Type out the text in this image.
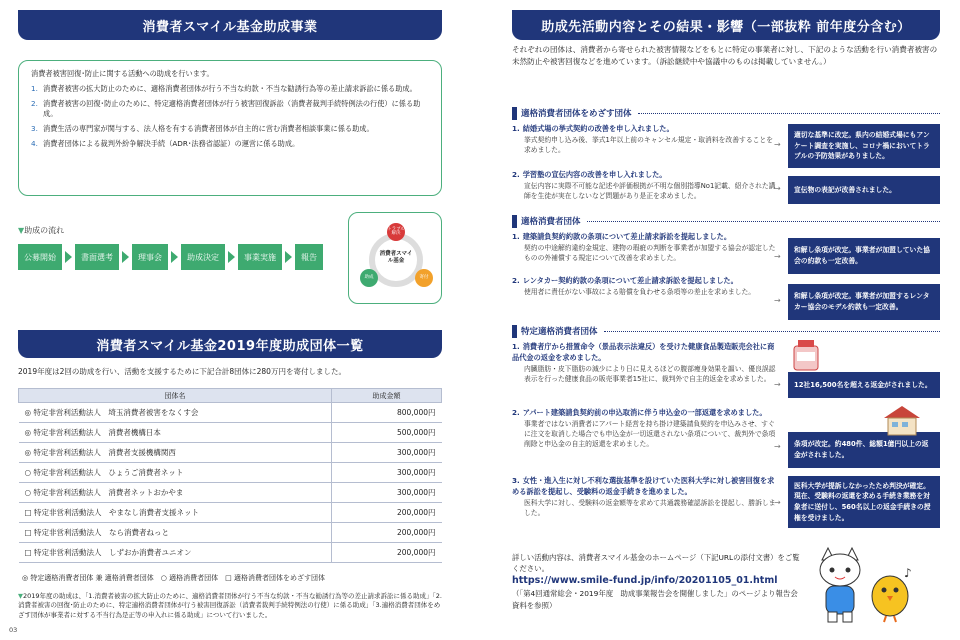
消費者スマイル基金助成事業

消費者被害回復･防止に関する活動への助成を行います。

1. 消費者被害の拡大防止のために、適格消費者団体が行う不当な約款・不当な勧誘行為等の差止請求訴訟に係る助成。
2. 消費者被害の回復･防止のために、特定適格消費者団体が行う被害回復訴訟（消費者裁判手続特例法の行使）に係る助成。
3. 消費生活の専門家が関与する、法人格を有する消費者団体が自主的に営む消費者相談事業に係る助成。
4. 消費者団体による裁判外紛争解決手続（ADR･法務省認証）の運営に係る助成。
▼助成の流れ
公募開始	書面選考	理事会	助成決定	事業実施	報告
トラブル解決
助成	寄付
消費者スマイル基金
消費者スマイル基金2019年度助成団体一覧
2019年度は2回の助成を行い、活動を支援するために下記合計8団体に280万円を寄付しました。
団体名	助成金額
◎ 特定非営利活動法人　埼玉消費者被害をなくす会	800,000円
◎ 特定非営利活動法人　消費者機構日本	500,000円
◎ 特定非営利活動法人　消費者支援機構関西	300,000円
○ 特定非営利活動法人　ひょうご消費者ネット	300,000円
○ 特定非営利活動法人　消費者ネットおかやま	300,000円
□ 特定非営利活動法人　やまなし消費者支援ネット	200,000円
□ 特定非営利活動法人　なら消費者ねっと	200,000円
□ 特定非営利活動法人　しずおか消費者ユニオン	200,000円
◎ 特定適格消費者団体 兼 適格消費者団体　○ 適格消費者団体　□ 適格消費者団体をめざす団体
▼2019年度の助成は、「1.消費者被害の拡大防止のために、適格消費者団体が行う不当な約款・不当な勧誘行為等の差止請求訴訟に係る助成」「2.消費者被害の回復･防止のために、特定適格消費者団体が行う被害回復訴訟（消費者裁判手続特例法の行使）に係る助成」「3.適格消費者団体をめざす団体が事業者に対する不当行為是正等の申入れに係る助成」について行いました。
03
助成先活動内容とその結果・影響（一部抜粋 前年度分含む）
それぞれの団体は、消費者から寄せられた被害情報などをもとに特定の事業者に対し、下記のような活動を行い消費者被害の未然防止や被害回復などを進めています。（訴訟継続中や協議中のものは掲載していません。）
適格消費者団体をめざす団体
1. 結婚式場の挙式契約の改善を申し入れました。
挙式契約申し込み後、挙式1年以上前のキャンセル規定・取消料を改善することを求めました。
→
適切な基準に改定。県内の結婚式場にもアンケート調査を実施し、コロナ禍においてトラブルの予防効果がありました。
2. 学習塾の宣伝内容の改善を申し入れました。
宣伝内容に実際不可能な記述や評価根拠が不明な個別指導No1記載、紹介された講師を生徒が実在しないなど問題があり是正を求めました。
→	宣伝物の表記が改善されました。
適格消費者団体
1. 建築請負契約約款の条項について差止請求訴訟を提起しました。
契約の中途解約違約金規定、建物の瑕疵の判断を事業者が加盟する協会が認定したものの外補償する規定について改善を求めました。	→
和解し条項が改定。事業者が加盟していた協会の約款も一定改善。
2. レンタカー契約約款の条項について差止請求訴訟を提起しました。
使用者に責任がない事故による賠償を負わせる条項等の差止を求めました。
→	和解し条項が改定。事業者が加盟するレンタカー協会のモデル約款も一定改善。
特定適格消費者団体
1. 消費者庁から措置命令（景品表示法違反）を受けた健康食品製造販売会社に商品代金の返金を求めました。
内臓脂肪・皮下脂肪の減少により日に見えるほどの腹部痩身効果を謳い、優良誤認表示を行った健康食品の販売事業者15社に、裁判外で自主的返金を求めました。
→	12社16,500名を超える返金がされました。
2. アパート建築請負契約前の申込取消に伴う申込金の一部返還を求めました。
事業者ではない消費者にアパート経営を持ち掛け建築請負契約を申込みさせ、すぐに注文を取消した場合でも申込金が一切返還されない条項について、裁判外で条項削除と申込金の自主的返還を求めました。	→	条項が改定。約480件、総額1億円以上の返金がされました。
3. 女性・進入生に対し不利な選抜基準を設けていた医科大学に対し被害回復を求める訴訟を提起し、受験料の返金手続きを進めました。
医科大学に対し、受験料の返金額等を求めて共通義務確認訴訟を提起し、勝訴しました。
→
医科大学が提訴しなかったため判決が確定。現在、受験料の返還を求める手続き業務を対象者に送付し、560名以上の返金手続きの授権を受けました。
詳しい活動内容は、消費者スマイル基金のホームページ（下記URLの添付文書）をご覧ください。
https://www.smile-fund.jp/info/20201105_01.html
（「第4回通常総会・2019年度　助成事業報告会を開催しました」のページより報告会資料を参照）
♪
